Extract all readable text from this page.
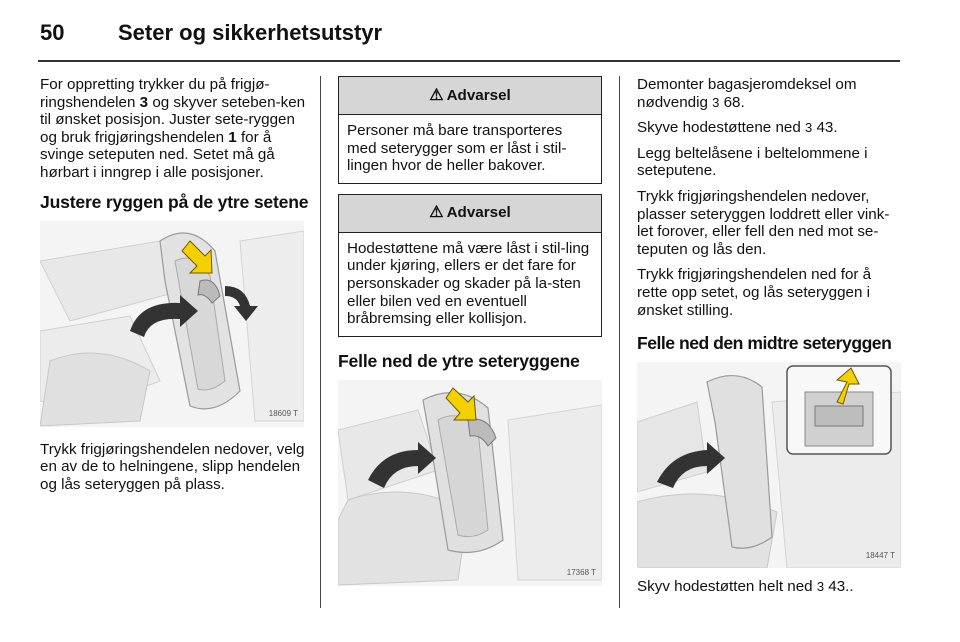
50 Seter og sikkerhetsutstyr

For oppretting trykker du på frigjø-ringshendelen 3 og skyver seteben-ken til ønsket posisjon. Juster sete-ryggen og bruk frigjøringshendelen 1 for å svinge seteputen ned. Setet må gå hørbart i inngrep i alle posisjoner.

Justere ryggen på de ytre setene
18609 T

Trykk frigjøringshendelen nedover, velg en av de to helningene, slipp hendelen og lås seteryggen på plass.

⚠ Advarsel
Personer må bare transporteres med seterygger som er låst i stil-lingen hvor de heller bakover.
⚠ Advarsel
Hodestøttene må være låst i stil-ling under kjøring, ellers er det fare for personskader og skader på la-sten eller bilen ved en eventuell bråbremsing eller kollisjon.
Felle ned de ytre seteryggene
17368 T

Demonter bagasjeromdeksel om nødvendig 3 68.

Skyve hodestøttene ned 3 43.

Legg beltelåsene i beltelommene i seteputene.

Trykk frigjøringshendelen nedover, plasser seteryggen loddrett eller vink-let forover, eller fell den ned mot se-teputen og lås den.

Trykk frigjøringshendelen ned for å rette opp setet, og lås seteryggen i ønsket stilling.

Felle ned den midtre seteryggen
18447 T

Skyv hodestøtten helt ned 3 43..
